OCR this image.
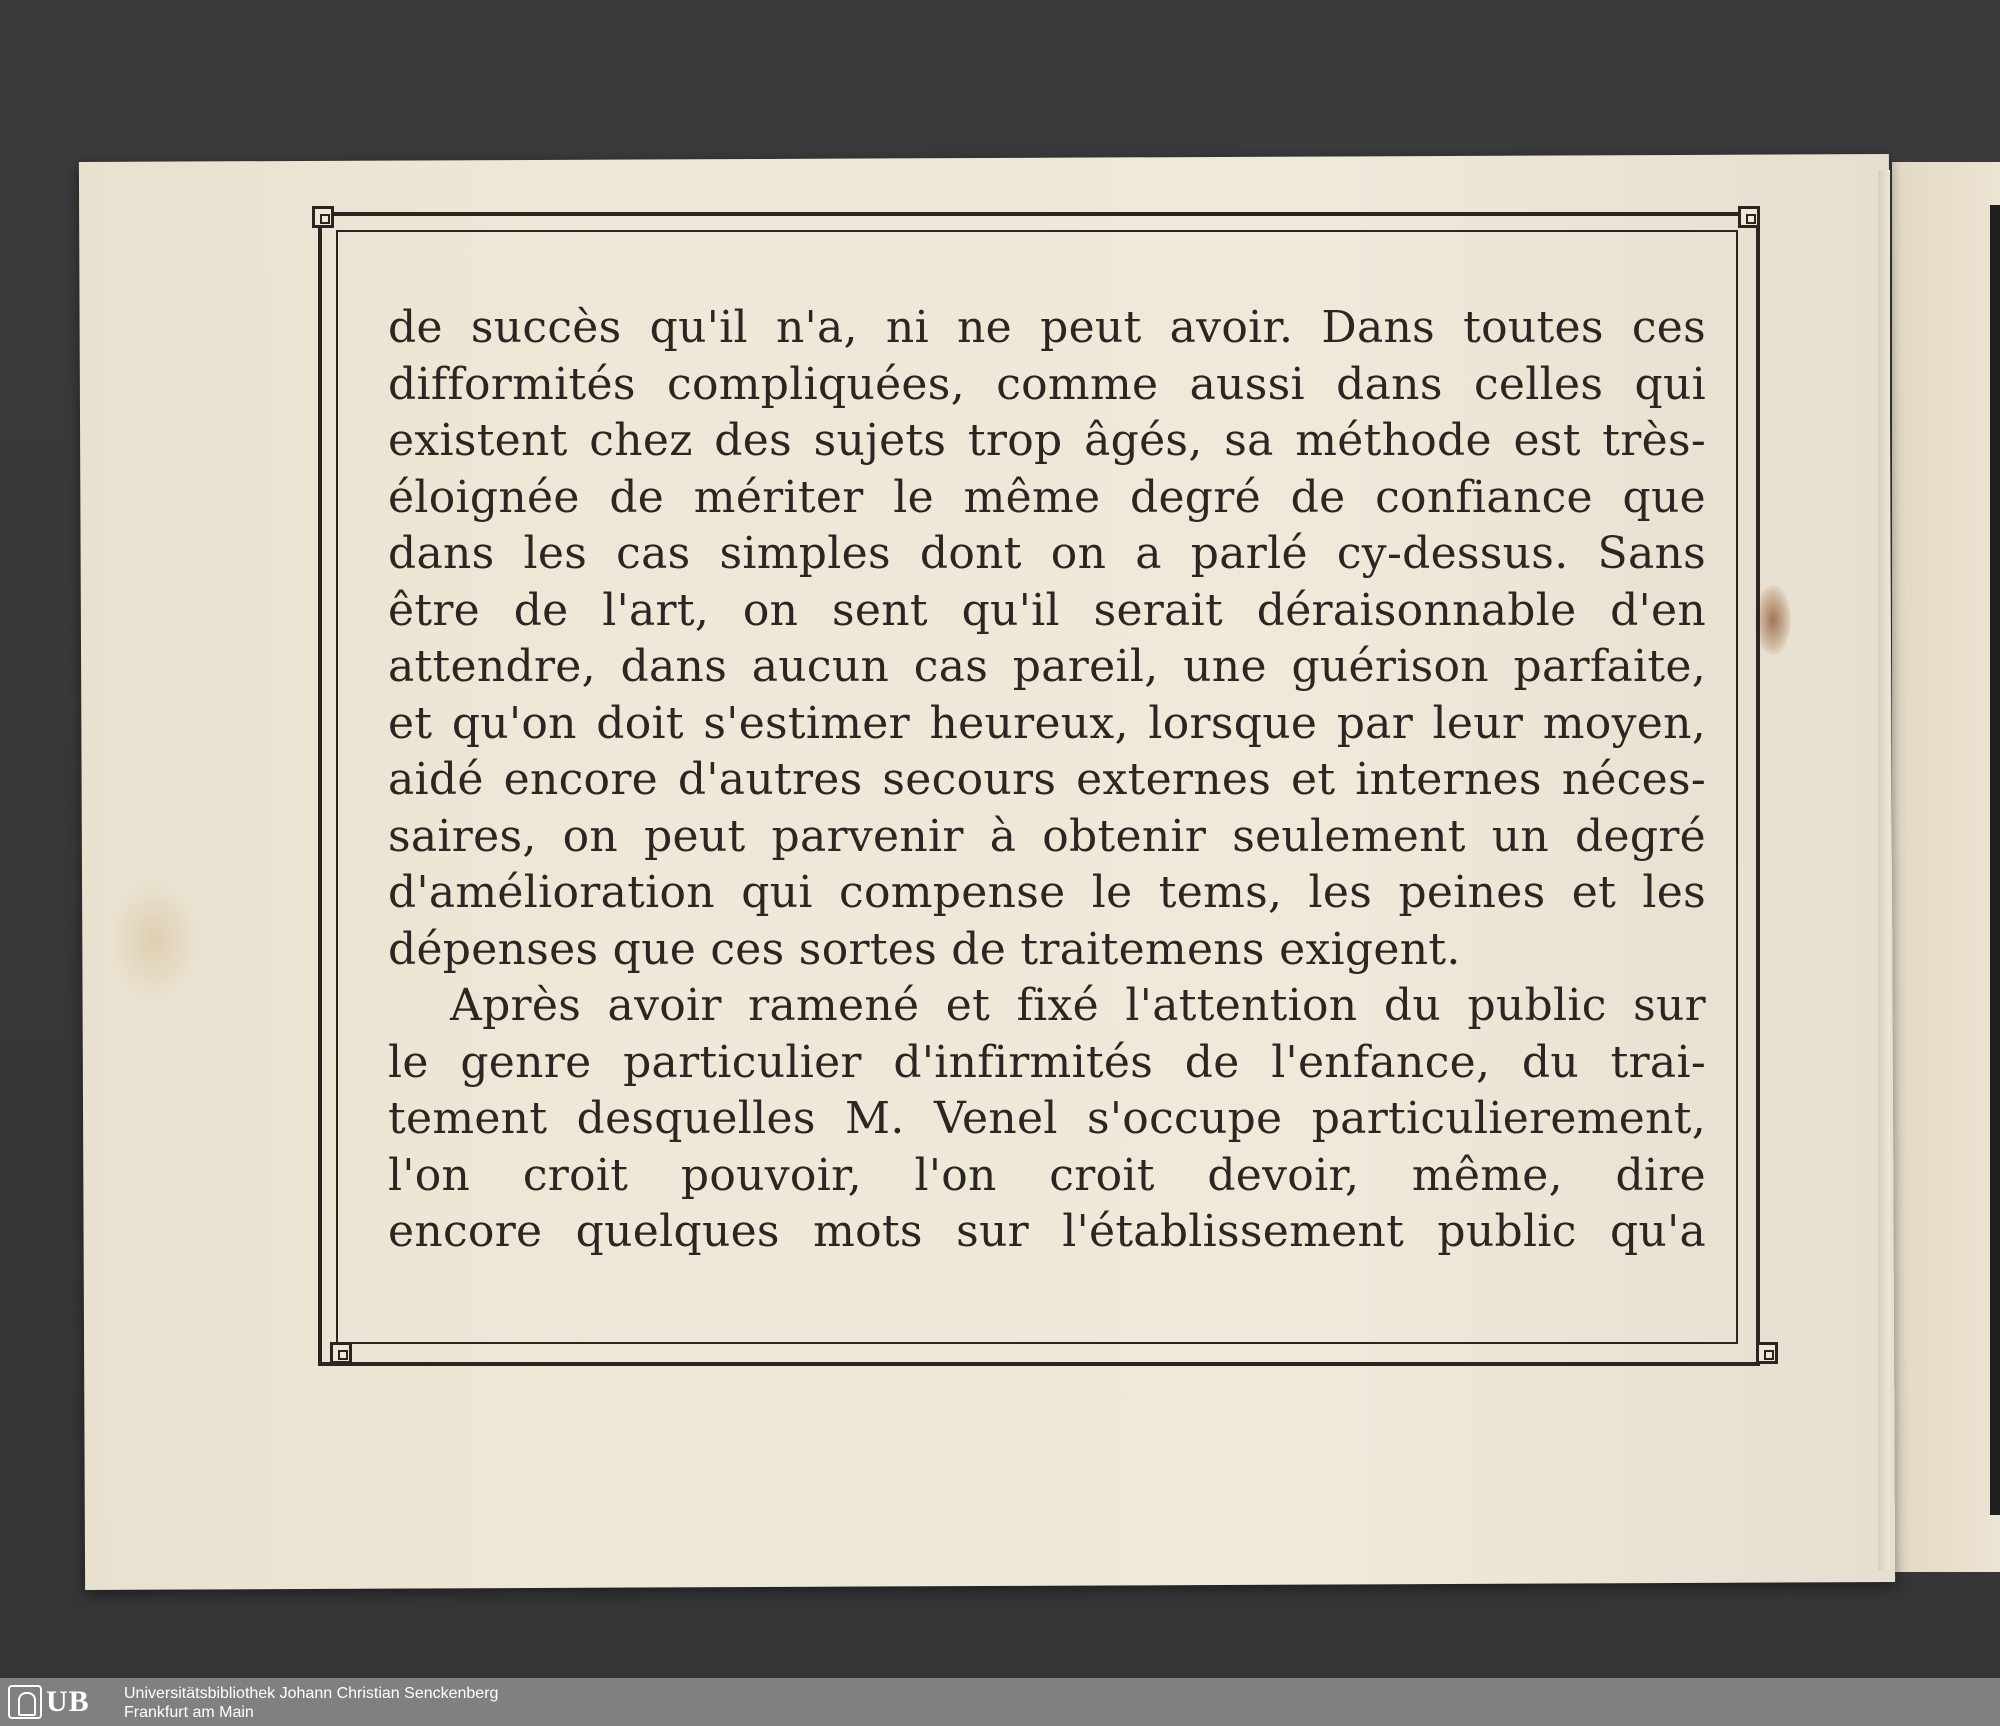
de succès qu'il n'a, ni ne peut avoir. Dans toutes ces
difformités compliquées, comme aussi dans celles qui
existent chez des sujets trop âgés, sa méthode est très-
éloignée de mériter le même degré de confiance que
dans les cas simples dont on a parlé cy-dessus. Sans
être de l'art, on sent qu'il serait déraisonnable d'en
attendre, dans aucun cas pareil, une guérison parfaite,
et qu'on doit s'estimer heureux, lorsque par leur moyen,
aidé encore d'autres secours externes et internes néces-
saires, on peut parvenir à obtenir seulement un degré
d'amélioration qui compense le tems, les peines et les
dépenses que ces sortes de traitemens exigent.
Après avoir ramené et fixé l'attention du public sur
le genre particulier d'infirmités de l'enfance, du trai-
tement desquelles M. Venel s'occupe particulierement,
l'on croit pouvoir, l'on croit devoir, même, dire
encore quelques mots sur l'établissement public qu'a
UB Universitätsbibliothek Johann Christian Senckenberg
Frankfurt am Main
